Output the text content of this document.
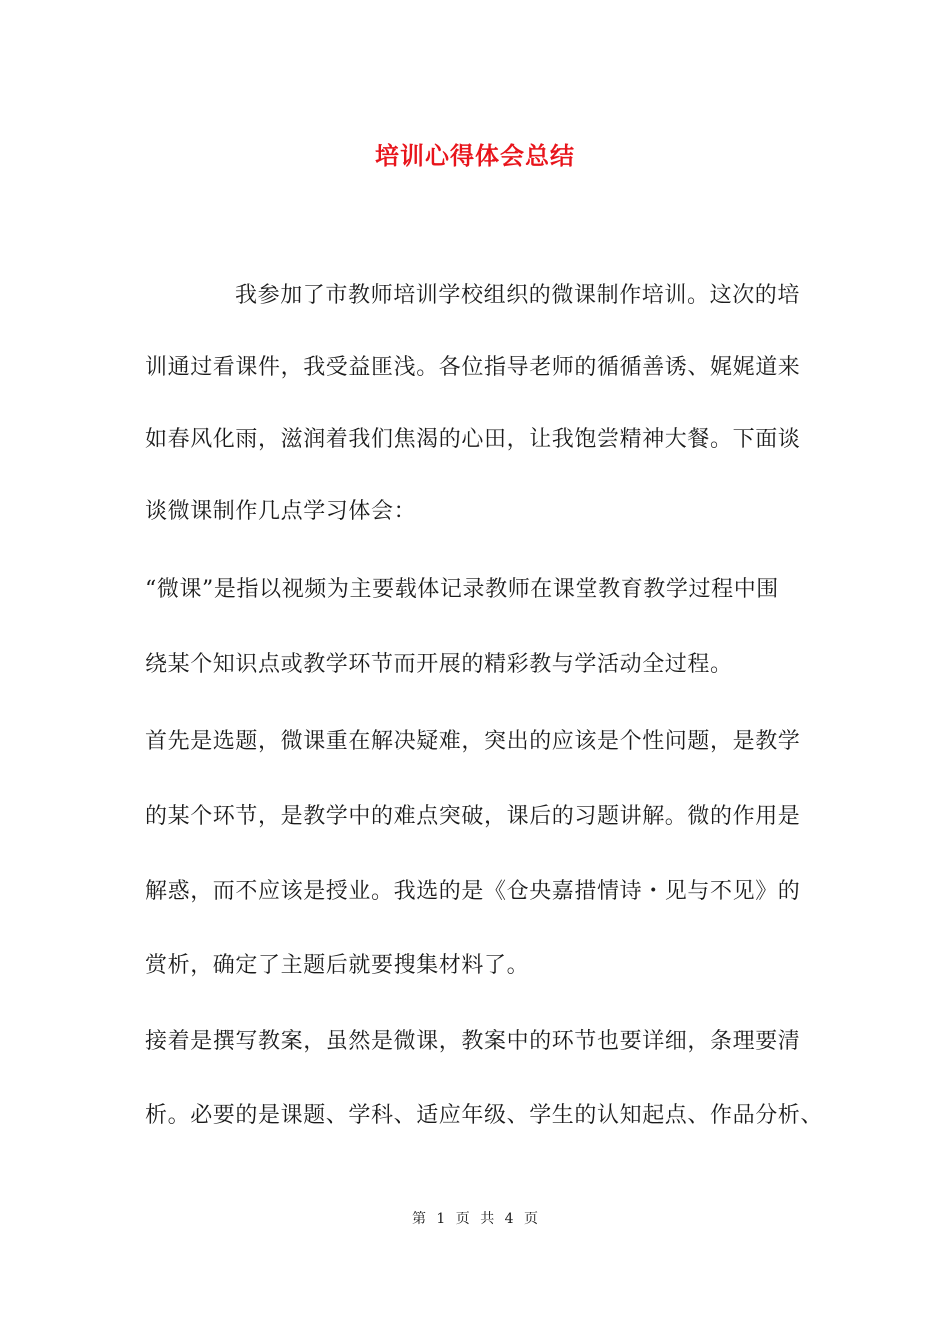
培训心得体会总结
我参加了市教师培训学校组织的微课制作培训。这次的培
训通过看课件，我受益匪浅。各位指导老师的循循善诱、娓娓道来
如春风化雨，滋润着我们焦渴的心田，让我饱尝精神大餐。下面谈
谈微课制作几点学习体会：
“微课”是指以视频为主要载体记录教师在课堂教育教学过程中围
绕某个知识点或教学环节而开展的精彩教与学活动全过程。
首先是选题，微课重在解决疑难，突出的应该是个性问题，是教学
的某个环节，是教学中的难点突破，课后的习题讲解。微的作用是
解惑，而不应该是授业。我选的是《仓央嘉措情诗・见与不见》的
赏析，确定了主题后就要搜集材料了。
接着是撰写教案，虽然是微课，教案中的环节也要详细，条理要清
析。必要的是课题、学科、适应年级、学生的认知起点、作品分析、
第 1 页 共 4 页
